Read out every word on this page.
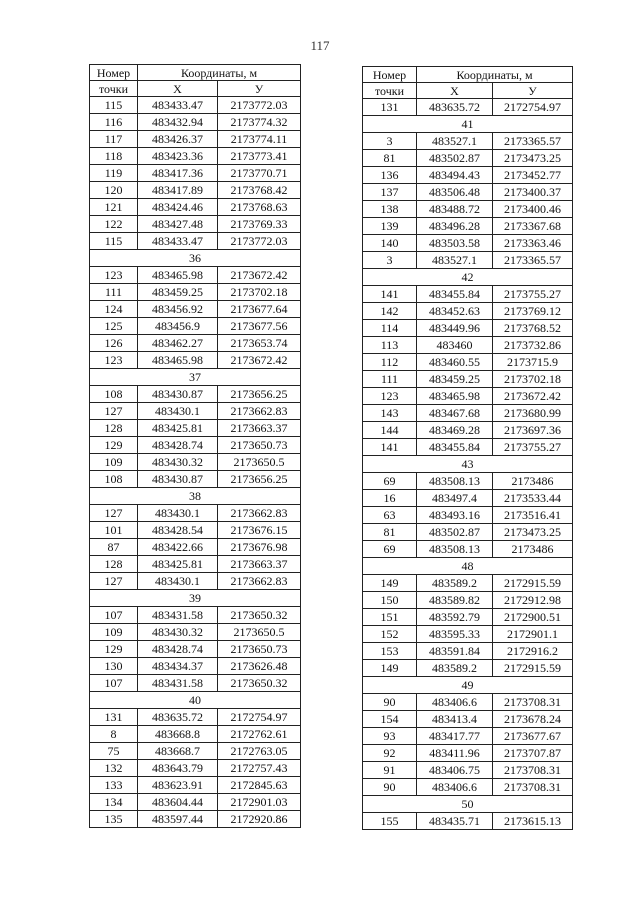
117
Номер	Координаты, м	
точки	X	У
115	483433.47	2173772.03
116	483432.94	2173774.32
117	483426.37	2173774.11
118	483423.36	2173773.41
119	483417.36	2173770.71
120	483417.89	2173768.42
121	483424.46	2173768.63
122	483427.48	2173769.33
115	483433.47	2173772.03
36		
123	483465.98	2173672.42
111	483459.25	2173702.18
124	483456.92	2173677.64
125	483456.9	2173677.56
126	483462.27	2173653.74
123	483465.98	2173672.42
37		
108	483430.87	2173656.25
127	483430.1	2173662.83
128	483425.81	2173663.37
129	483428.74	2173650.73
109	483430.32	2173650.5
108	483430.87	2173656.25
38		
127	483430.1	2173662.83
101	483428.54	2173676.15
87	483422.66	2173676.98
128	483425.81	2173663.37
127	483430.1	2173662.83
39		
107	483431.58	2173650.32
109	483430.32	2173650.5
129	483428.74	2173650.73
130	483434.37	2173626.48
107	483431.58	2173650.32
40		
131	483635.72	2172754.97
8	483668.8	2172762.61
75	483668.7	2172763.05
132	483643.79	2172757.43
133	483623.91	2172845.63
134	483604.44	2172901.03
135	483597.44	2172920.86
Номер	Координаты, м	
точки	X	У
131	483635.72	2172754.97
41		
3	483527.1	2173365.57
81	483502.87	2173473.25
136	483494.43	2173452.77
137	483506.48	2173400.37
138	483488.72	2173400.46
139	483496.28	2173367.68
140	483503.58	2173363.46
3	483527.1	2173365.57
42		
141	483455.84	2173755.27
142	483452.63	2173769.12
114	483449.96	2173768.52
113	483460	2173732.86
112	483460.55	2173715.9
111	483459.25	2173702.18
123	483465.98	2173672.42
143	483467.68	2173680.99
144	483469.28	2173697.36
141	483455.84	2173755.27
43		
69	483508.13	2173486
16	483497.4	2173533.44
63	483493.16	2173516.41
81	483502.87	2173473.25
69	483508.13	2173486
48		
149	483589.2	2172915.59
150	483589.82	2172912.98
151	483592.79	2172900.51
152	483595.33	2172901.1
153	483591.84	2172916.2
149	483589.2	2172915.59
49		
90	483406.6	2173708.31
154	483413.4	2173678.24
93	483417.77	2173677.67
92	483411.96	2173707.87
91	483406.75	2173708.31
90	483406.6	2173708.31
50		
155	483435.71	2173615.13
